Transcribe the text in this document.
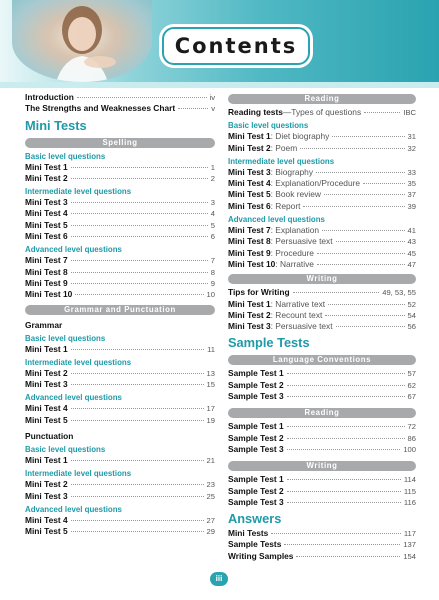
Contents
Introduction	iv
The Strengths and Weaknesses Chart	v
Mini Tests
Spelling
Basic level questions
Mini Test 1	1
Mini Test 2	2
Intermediate level questions
Mini Test 3	3
Mini Test 4	4
Mini Test 5	5
Mini Test 6	6
Advanced level questions
Mini Test 7	7
Mini Test 8	8
Mini Test 9	9
Mini Test 10	10
Grammar and Punctuation
Grammar
Basic level questions
Mini Test 1	11
Intermediate level questions
Mini Test 2	13
Mini Test 3	15
Advanced level questions
Mini Test 4	17
Mini Test 5	19
Punctuation
Basic level questions
Mini Test 1	21
Intermediate level questions
Mini Test 2	23
Mini Test 3	25
Advanced level questions
Mini Test 4	27
Mini Test 5	29
Reading
Reading tests —Types of questions	IBC
Basic level questions
Mini Test 1 : Diet biography	31
Mini Test 2 : Poem	32
Intermediate level questions
Mini Test 3 : Biography	33
Mini Test 4 : Explanation/Procedure	35
Mini Test 5 : Book review	37
Mini Test 6 : Report	39
Advanced level questions
Mini Test 7 : Explanation	41
Mini Test 8 : Persuasive text	43
Mini Test 9 : Procedure	45
Mini Test 10 : Narrative	47
Writing
Tips for Writing	49, 53, 55
Mini Test 1 : Narrative text	52
Mini Test 2 : Recount text	54
Mini Test 3 : Persuasive text	56
Sample Tests
Language Conventions
Sample Test 1	57
Sample Test 2	62
Sample Test 3	67
Reading
Sample Test 1	72
Sample Test 2	86
Sample Test 3	100
Writing
Sample Test 1	114
Sample Test 2	115
Sample Test 3	116
Answers
Mini Tests	117
Sample Tests	137
Writing Samples	154
iii
